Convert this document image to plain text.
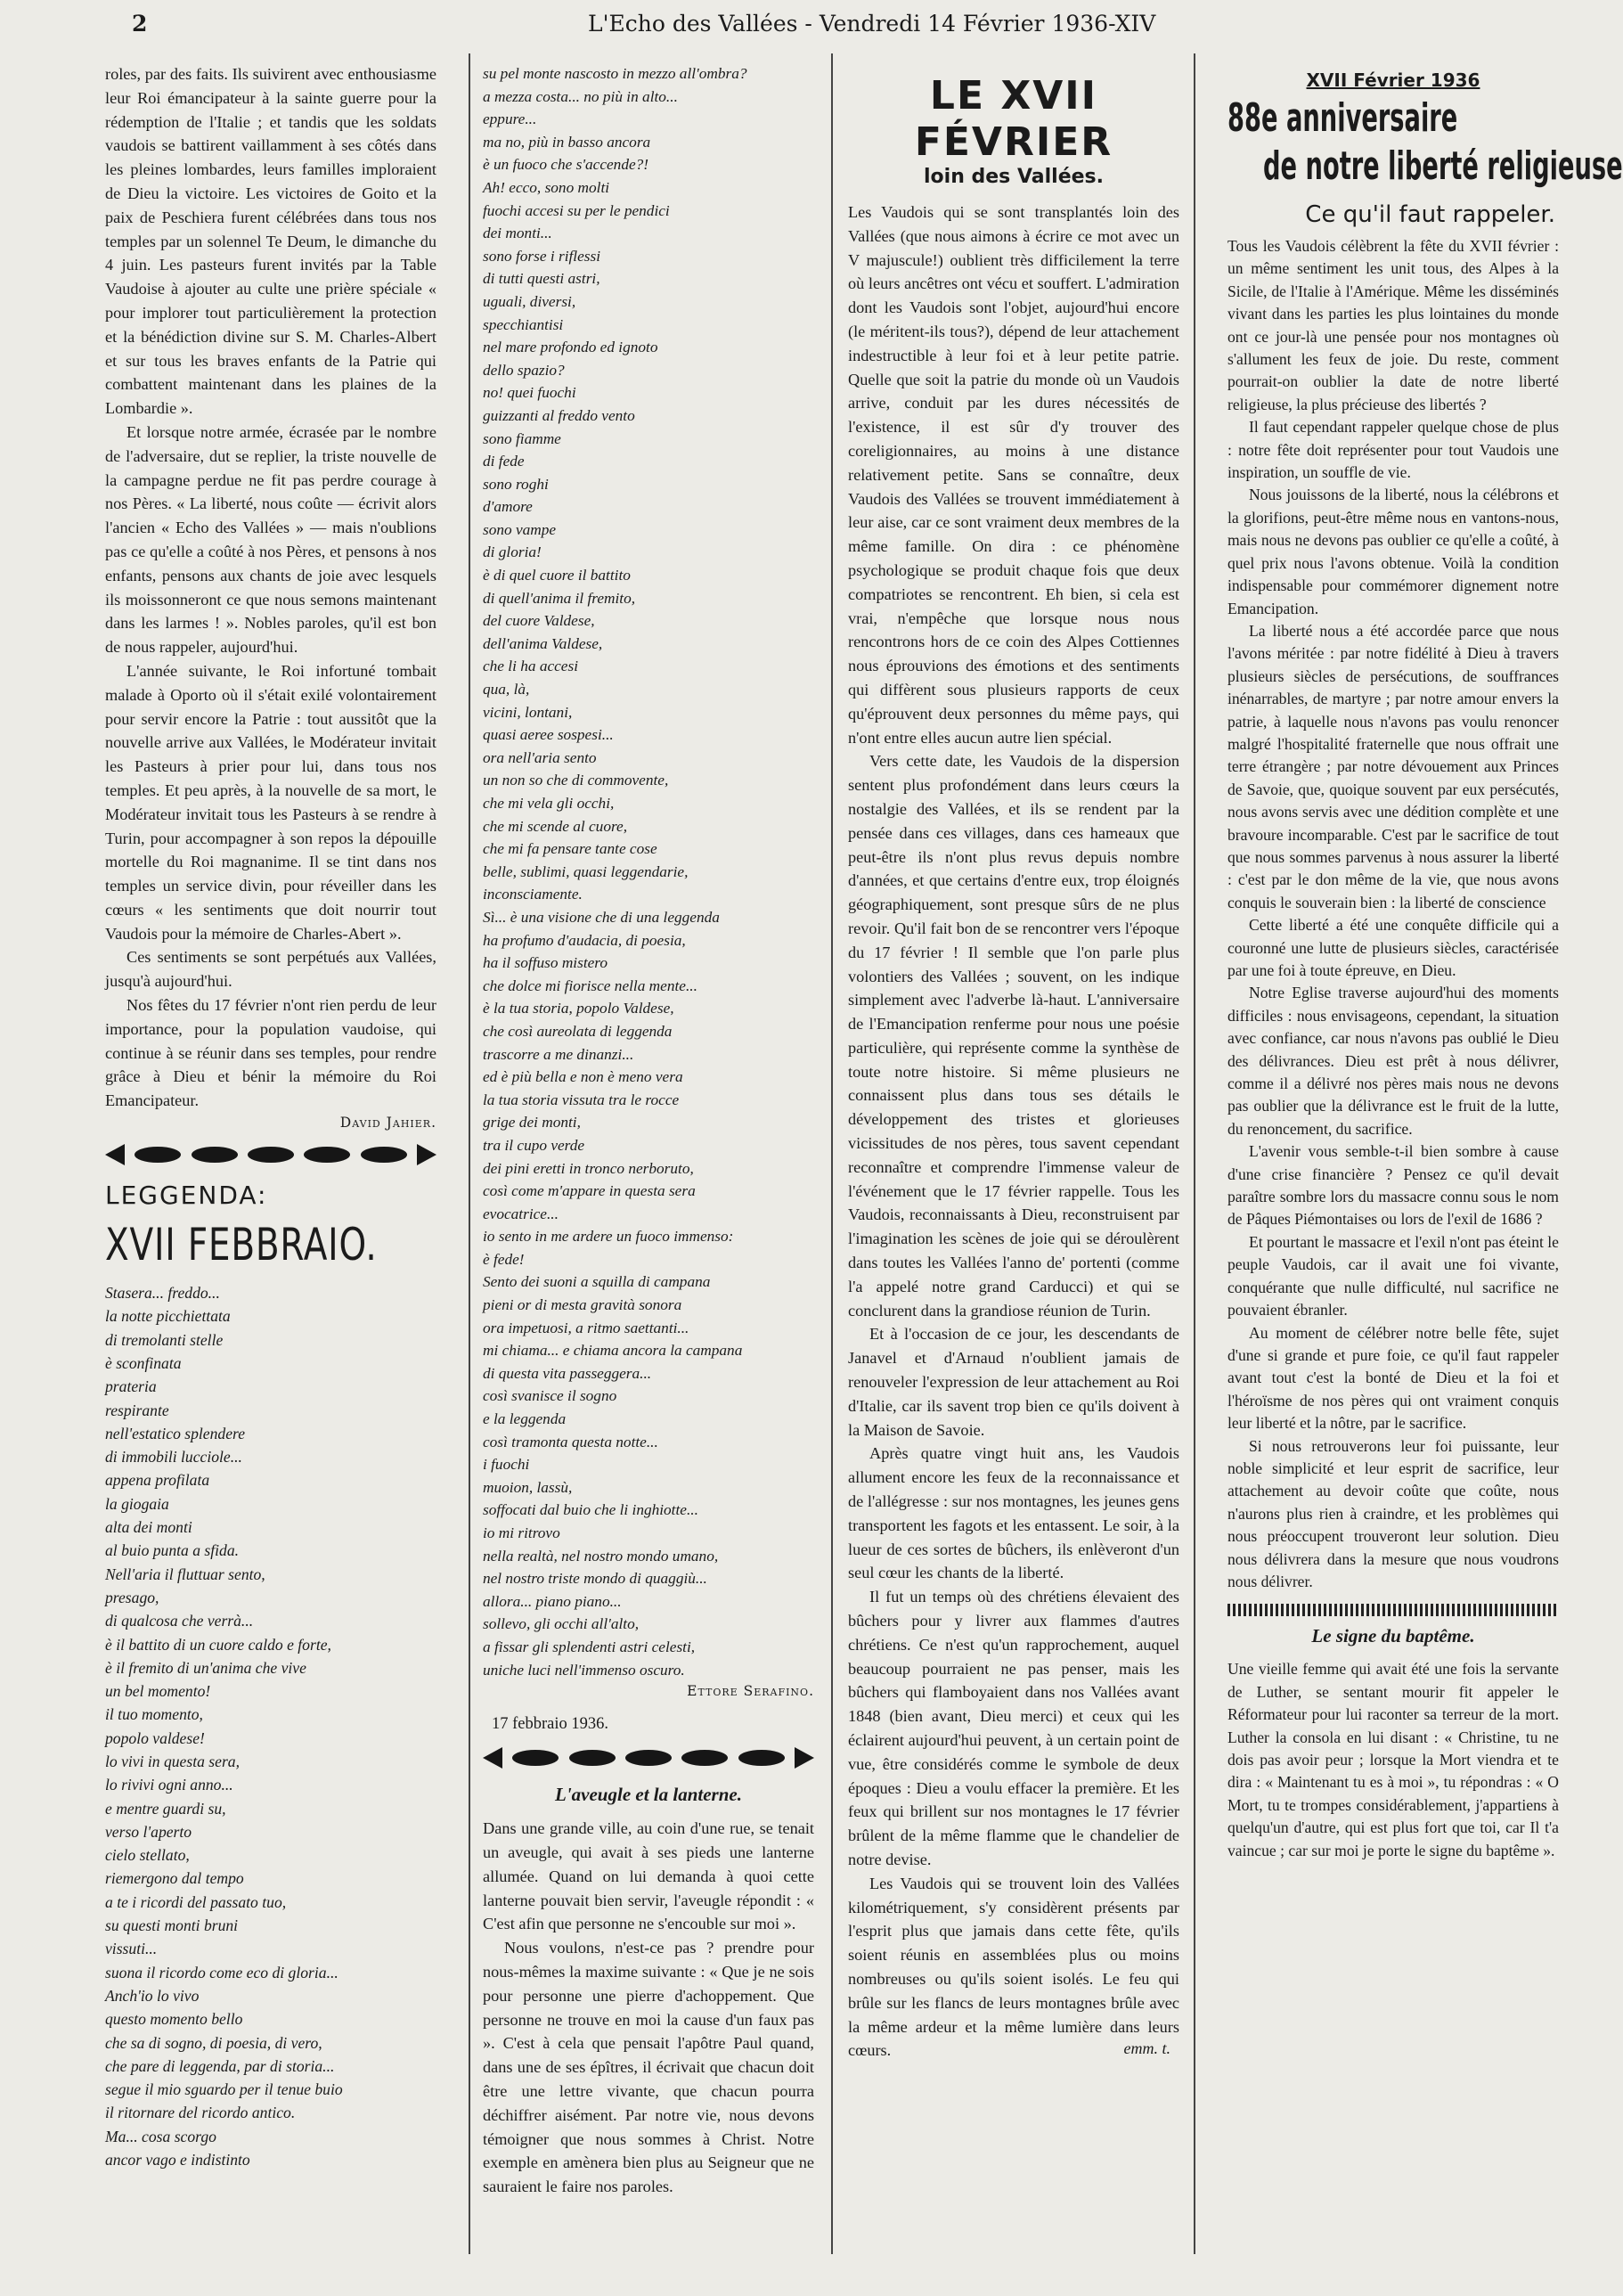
2	L'Echo des Vallées - Vendredi 14 Février 1936-XIV

roles, par des faits. Ils suivirent avec enthousiasme leur Roi émancipateur à la sainte guerre pour la rédemption de l'Italie ; et tandis que les soldats vaudois se battirent vaillamment à ses côtés dans les pleines lombardes, leurs familles imploraient de Dieu la victoire. Les victoires de Goito et la paix de Peschiera furent célébrées dans tous nos temples par un solennel Te Deum, le dimanche du 4 juin. Les pasteurs furent invités par la Table Vaudoise à ajouter au culte une prière spéciale « pour implorer tout particulièrement la protection et la bénédiction divine sur S. M. Charles-Albert et sur tous les braves enfants de la Patrie qui combattent maintenant dans les plaines de la Lombardie ».

Et lorsque notre armée, écrasée par le nombre de l'adversaire, dut se replier, la triste nouvelle de la campagne perdue ne fit pas perdre courage à nos Pères. « La liberté, nous coûte — écrivit alors l'ancien « Echo des Vallées » — mais n'oublions pas ce qu'elle a coûté à nos Pères, et pensons à nos enfants, pensons aux chants de joie avec lesquels ils moissonneront ce que nous semons maintenant dans les larmes ! ». Nobles paroles, qu'il est bon de nous rappeler, aujourd'hui.

L'année suivante, le Roi infortuné tombait malade à Oporto où il s'était exilé volontairement pour servir encore la Patrie : tout aussitôt que la nouvelle arrive aux Vallées, le Modérateur invitait les Pasteurs à prier pour lui, dans tous nos temples. Et peu après, à la nouvelle de sa mort, le Modérateur invitait tous les Pasteurs à se rendre à Turin, pour accompagner à son repos la dépouille mortelle du Roi magnanime. Il se tint dans nos temples un service divin, pour réveiller dans les cœurs « les sentiments que doit nourrir tout Vaudois pour la mémoire de Charles-Abert ».

Ces sentiments se sont perpétués aux Vallées, jusqu'à aujourd'hui.

Nos fêtes du 17 février n'ont rien perdu de leur importance, pour la population vaudoise, qui continue à se réunir dans ses temples, pour rendre grâce à Dieu et bénir la mémoire du Roi Emancipateur.

David Jahier.
LEGGENDA:
XVII FEBBRAIO.
Stasera... freddo...
la notte picchiettata
di tremolanti stelle
è sconfinata
prateria
respirante
nell'estatico splendere
di immobili lucciole...
appena profilata
la giogaia
alta dei monti
al buio punta a sfida.
Nell'aria il fluttuar sento,
presago,
di qualcosa che verrà...
è il battito di un cuore caldo e forte,
è il fremito di un'anima che vive
un bel momento!
il tuo momento,
popolo valdese!
lo vivi in questa sera,
lo rivivi ogni anno...
e mentre guardi su,
verso l'aperto
cielo stellato,
riemergono dal tempo
a te i ricordi del passato tuo,
su questi monti bruni
vissuti...
suona il ricordo come eco di gloria...
Anch'io lo vivo
questo momento bello
che sa di sogno, di poesia, di vero,
che pare di leggenda, par di storia...
segue il mio sguardo per il tenue buio
il ritornare del ricordo antico.
Ma... cosa scorgo
ancor vago e indistinto
su pel monte nascosto in mezzo all'ombra?
a mezza costa... no più in alto...
eppure...
ma no, più in basso ancora
è un fuoco che s'accende?!
Ah! ecco, sono molti
fuochi accesi su per le pendici
dei monti...
sono forse i riflessi
di tutti questi astri,
uguali, diversi,
specchiantisi
nel mare profondo ed ignoto
dello spazio?
no! quei fuochi
guizzanti al freddo vento
sono fiamme
di fede
sono roghi
d'amore
sono vampe
di gloria!
è di quel cuore il battito
di quell'anima il fremito,
del cuore Valdese,
dell'anima Valdese,
che li ha accesi
qua, là,
vicini, lontani,
quasi aeree sospesi...
ora nell'aria sento
un non so che di commovente,
che mi vela gli occhi,
che mi scende al cuore,
che mi fa pensare tante cose
belle, sublimi, quasi leggendarie,
inconsciamente.
Sì... è una visione che di una leggenda
ha profumo d'audacia, di poesia,
ha il soffuso mistero
che dolce mi fiorisce nella mente...
è la tua storia, popolo Valdese,
che così aureolata di leggenda
trascorre a me dinanzi...
ed è più bella e non è meno vera
la tua storia vissuta tra le rocce
grige dei monti,
tra il cupo verde
dei pini eretti in tronco nerboruto,
così come m'appare in questa sera
evocatrice...
io sento in me ardere un fuoco immenso:
è fede!
Sento dei suoni a squilla di campana
pieni or di mesta gravità sonora
ora impetuosi, a ritmo saettanti...
mi chiama... e chiama ancora la campana
di questa vita passeggera...
così svanisce il sogno
e la leggenda
così tramonta questa notte...
i fuochi
muoion, lassù,
soffocati dal buio che li inghiotte...
io mi ritrovo
nella realtà, nel nostro mondo umano,
nel nostro triste mondo di quaggiù...
allora... piano piano...
sollevo, gli occhi all'alto,
a fissar gli splendenti astri celesti,
uniche luci nell'immenso oscuro.
Ettore Serafino.
17 febbraio 1936.
L'aveugle et la lanterne.

Dans une grande ville, au coin d'une rue, se tenait un aveugle, qui avait à ses pieds une lanterne allumée. Quand on lui demanda à quoi cette lanterne pouvait bien servir, l'aveugle répondit : « C'est afin que personne ne s'encouble sur moi ».

Nous voulons, n'est-ce pas ? prendre pour nous-mêmes la maxime suivante : « Que je ne sois pour personne une pierre d'achoppement. Que personne ne trouve en moi la cause d'un faux pas ». C'est à cela que pensait l'apôtre Paul quand, dans une de ses épîtres, il écrivait que chacun doit être une lettre vivante, que chacun pourra déchiffrer aisément. Par notre vie, nous devons témoigner que nous sommes à Christ. Notre exemple en amènera bien plus au Seigneur que ne sauraient le faire nos paroles.

LE XVII FÉVRIER
loin des Vallées.

Les Vaudois qui se sont transplantés loin des Vallées (que nous aimons à écrire ce mot avec un V majuscule!) oublient très difficilement la terre où leurs ancêtres ont vécu et souffert. L'admiration dont les Vaudois sont l'objet, aujourd'hui encore (le méritent-ils tous?), dépend de leur attachement indestructible à leur foi et à leur petite patrie. Quelle que soit la patrie du monde où un Vaudois arrive, conduit par les dures nécessités de l'existence, il est sûr d'y trouver des coreligionnaires, au moins à une distance relativement petite. Sans se connaître, deux Vaudois des Vallées se trouvent immédiatement à leur aise, car ce sont vraiment deux membres de la même famille. On dira : ce phénomène psychologique se produit chaque fois que deux compatriotes se rencontrent. Eh bien, si cela est vrai, n'empêche que lorsque nous nous rencontrons hors de ce coin des Alpes Cottiennes nous éprouvions des émotions et des sentiments qui diffèrent sous plusieurs rapports de ceux qu'éprouvent deux personnes du même pays, qui n'ont entre elles aucun autre lien spécial.

Vers cette date, les Vaudois de la dispersion sentent plus profondément dans leurs cœurs la nostalgie des Vallées, et ils se rendent par la pensée dans ces villages, dans ces hameaux que peut-être ils n'ont plus revus depuis nombre d'années, et que certains d'entre eux, trop éloignés géographiquement, sont presque sûrs de ne plus revoir. Qu'il fait bon de se rencontrer vers l'époque du 17 février ! Il semble que l'on parle plus volontiers des Vallées ; souvent, on les indique simplement avec l'adverbe là-haut. L'anniversaire de l'Emancipation renferme pour nous une poésie particulière, qui représente comme la synthèse de toute notre histoire. Si même plusieurs ne connaissent plus dans tous ses détails le développement des tristes et glorieuses vicissitudes de nos pères, tous savent cependant reconnaître et comprendre l'immense valeur de l'événement que le 17 février rappelle. Tous les Vaudois, reconnaissants à Dieu, reconstruisent par l'imagination les scènes de joie qui se déroulèrent dans toutes les Vallées l'anno de' portenti (comme l'a appelé notre grand Carducci) et qui se conclurent dans la grandiose réunion de Turin.

Et à l'occasion de ce jour, les descendants de Janavel et d'Arnaud n'oublient jamais de renouveler l'expression de leur attachement au Roi d'Italie, car ils savent trop bien ce qu'ils doivent à la Maison de Savoie.

Après quatre vingt huit ans, les Vaudois allument encore les feux de la reconnaissance et de l'allégresse : sur nos montagnes, les jeunes gens transportent les fagots et les entassent. Le soir, à la lueur de ces sortes de bûchers, ils enlèveront d'un seul cœur les chants de la liberté.

Il fut un temps où des chrétiens élevaient des bûchers pour y livrer aux flammes d'autres chrétiens. Ce n'est qu'un rapprochement, auquel beaucoup pourraient ne pas penser, mais les bûchers qui flamboyaient dans nos Vallées avant 1848 (bien avant, Dieu merci) et ceux qui les éclairent aujourd'hui peuvent, à un certain point de vue, être considérés comme le symbole de deux époques : Dieu a voulu effacer la première. Et les feux qui brillent sur nos montagnes le 17 février brûlent de la même flamme que le chandelier de notre devise.

Les Vaudois qui se trouvent loin des Vallées kilométriquement, s'y considèrent présents par l'esprit plus que jamais dans cette fête, qu'ils soient réunis en assemblées plus ou moins nombreuses ou qu'ils soient isolés. Le feu qui brûle sur les flancs de leurs montagnes brûle avec la même ardeur et la même lumière dans leurs cœurs.	emm. t.
XVII Février 1936
88e anniversaire
de notre liberté religieuse
Ce qu'il faut rappeler.

Tous les Vaudois célèbrent la fête du XVII février : un même sentiment les unit tous, des Alpes à la Sicile, de l'Italie à l'Amérique. Même les disséminés vivant dans les parties les plus lointaines du monde ont ce jour-là une pensée pour nos montagnes où s'allument les feux de joie. Du reste, comment pourrait-on oublier la date de notre liberté religieuse, la plus précieuse des libertés ?

Il faut cependant rappeler quelque chose de plus : notre fête doit représenter pour tout Vaudois une inspiration, un souffle de vie.

Nous jouissons de la liberté, nous la célébrons et la glorifions, peut-être même nous en vantons-nous, mais nous ne devons pas oublier ce qu'elle a coûté, à quel prix nous l'avons obtenue. Voilà la condition indispensable pour commémorer dignement notre Emancipation.

La liberté nous a été accordée parce que nous l'avons méritée : par notre fidélité à Dieu à travers plusieurs siècles de persécutions, de souffrances inénarrables, de martyre ; par notre amour envers la patrie, à laquelle nous n'avons pas voulu renoncer malgré l'hospitalité fraternelle que nous offrait une terre étrangère ; par notre dévouement aux Princes de Savoie, que, quoique souvent par eux persécutés, nous avons servis avec une dédition complète et une bravoure incomparable. C'est par le sacrifice de tout que nous sommes parvenus à nous assurer la liberté : c'est par le don même de la vie, que nous avons conquis le souverain bien : la liberté de conscience

Cette liberté a été une conquête difficile qui a couronné une lutte de plusieurs siècles, caractérisée par une foi à toute épreuve, en Dieu.

Notre Eglise traverse aujourd'hui des moments difficiles : nous envisageons, cependant, la situation avec confiance, car nous n'avons pas oublié le Dieu des délivrances. Dieu est prêt à nous délivrer, comme il a délivré nos pères mais nous ne devons pas oublier que la délivrance est le fruit de la lutte, du renoncement, du sacrifice.

L'avenir vous semble-t-il bien sombre à cause d'une crise financière ? Pensez ce qu'il devait paraître sombre lors du massacre connu sous le nom de Pâques Piémontaises ou lors de l'exil de 1686 ?

Et pourtant le massacre et l'exil n'ont pas éteint le peuple Vaudois, car il avait une foi vivante, conquérante que nulle difficulté, nul sacrifice ne pouvaient ébranler.

Au moment de célébrer notre belle fête, sujet d'une si grande et pure foie, ce qu'il faut rappeler avant tout c'est la bonté de Dieu et la foi et l'héroïsme de nos pères qui ont vraiment conquis leur liberté et la nôtre, par le sacrifice.

Si nous retrouverons leur foi puissante, leur noble simplicité et leur esprit de sacrifice, leur attachement au devoir coûte que coûte, nous n'aurons plus rien à craindre, et les problèmes qui nous préoccupent trouveront leur solution. Dieu nous délivrera dans la mesure que nous voudrons nous délivrer.

Le signe du baptême.

Une vieille femme qui avait été une fois la servante de Luther, se sentant mourir fit appeler le Réformateur pour lui raconter sa terreur de la mort. Luther la consola en lui disant : « Christine, tu ne dois pas avoir peur ; lorsque la Mort viendra et te dira : « Maintenant tu es à moi », tu répondras : « O Mort, tu te trompes considérablement, j'appartiens à quelqu'un d'autre, qui est plus fort que toi, car Il t'a vaincue ; car sur moi je porte le signe du baptême ».
